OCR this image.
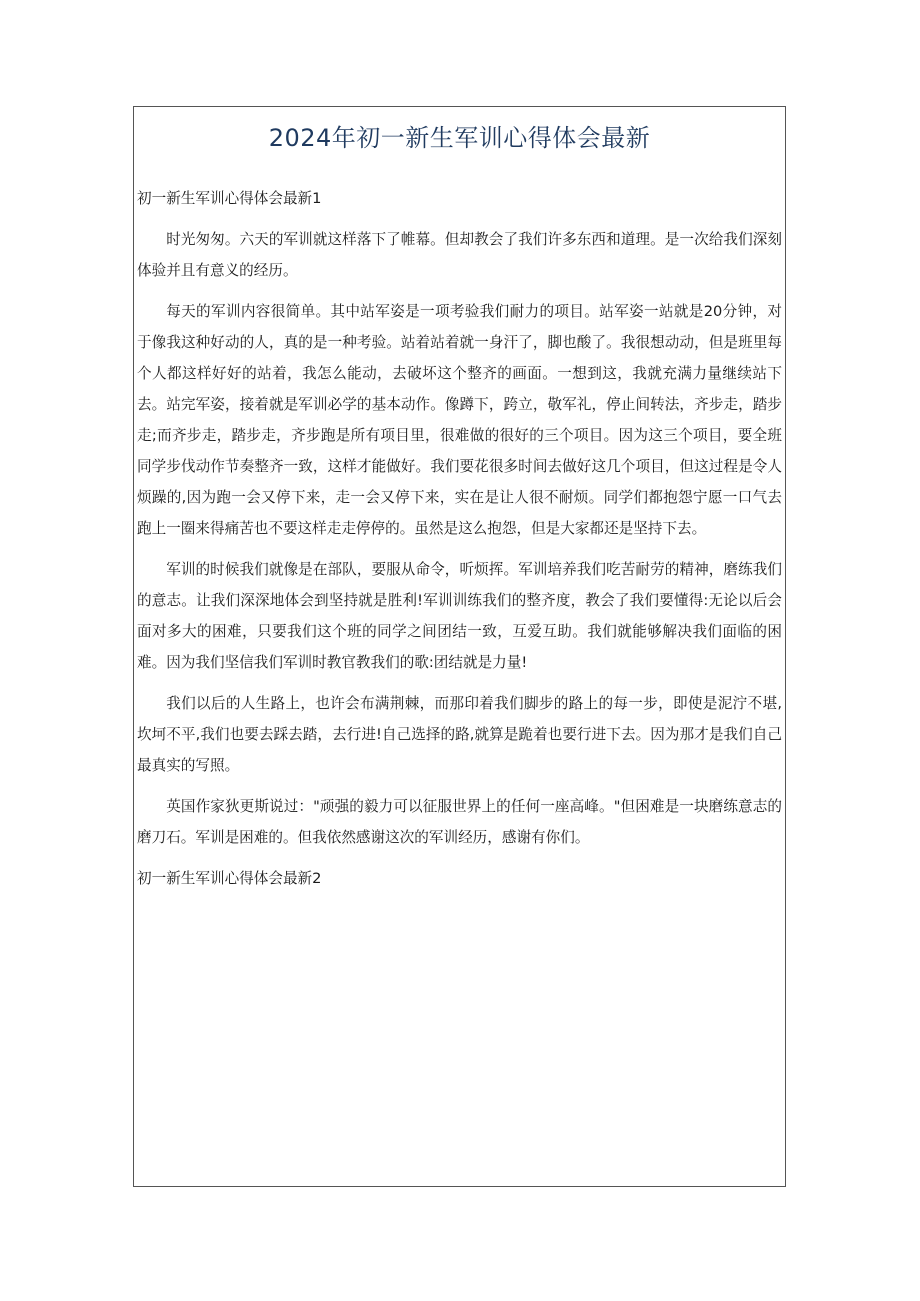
2024年初一新生军训心得体会最新

初一新生军训心得体会最新1

时光匆匆。六天的军训就这样落下了帷幕。但却教会了我们许多东西和道理。是一次给我们深刻体验并且有意义的经历。

每天的军训内容很简单。其中站军姿是一项考验我们耐力的项目。站军姿一站就是20分钟，对于像我这种好动的人，真的是一种考验。站着站着就一身汗了，脚也酸了。我很想动动，但是班里每个人都这样好好的站着，我怎么能动，去破坏这个整齐的画面。一想到这，我就充满力量继续站下去。站完军姿，接着就是军训必学的基本动作。像蹲下，跨立，敬军礼，停止间转法，齐步走，踏步走;而齐步走，踏步走，齐步跑是所有项目里，很难做的很好的三个项目。因为这三个项目，要全班同学步伐动作节奏整齐一致，这样才能做好。我们要花很多时间去做好这几个项目，但这过程是令人烦躁的,因为跑一会又停下来，走一会又停下来，实在是让人很不耐烦。同学们都抱怨宁愿一口气去跑上一圈来得痛苦也不要这样走走停停的。虽然是这么抱怨，但是大家都还是坚持下去。

军训的时候我们就像是在部队，要服从命令，听烦挥。军训培养我们吃苦耐劳的精神，磨练我们的意志。让我们深深地体会到坚持就是胜利!军训训练我们的整齐度，教会了我们要懂得:无论以后会面对多大的困难，只要我们这个班的同学之间团结一致，互爱互助。我们就能够解决我们面临的困难。因为我们坚信我们军训时教官教我们的歌:团结就是力量!

我们以后的人生路上，也许会布满荆棘，而那印着我们脚步的路上的每一步，即使是泥泞不堪,坎坷不平,我们也要去踩去踏，去行进!自己选择的路,就算是跪着也要行进下去。因为那才是我们自己最真实的写照。

英国作家狄更斯说过："顽强的毅力可以征服世界上的任何一座高峰。"但困难是一块磨练意志的磨刀石。军训是困难的。但我依然感谢这次的军训经历，感谢有你们。

初一新生军训心得体会最新2
